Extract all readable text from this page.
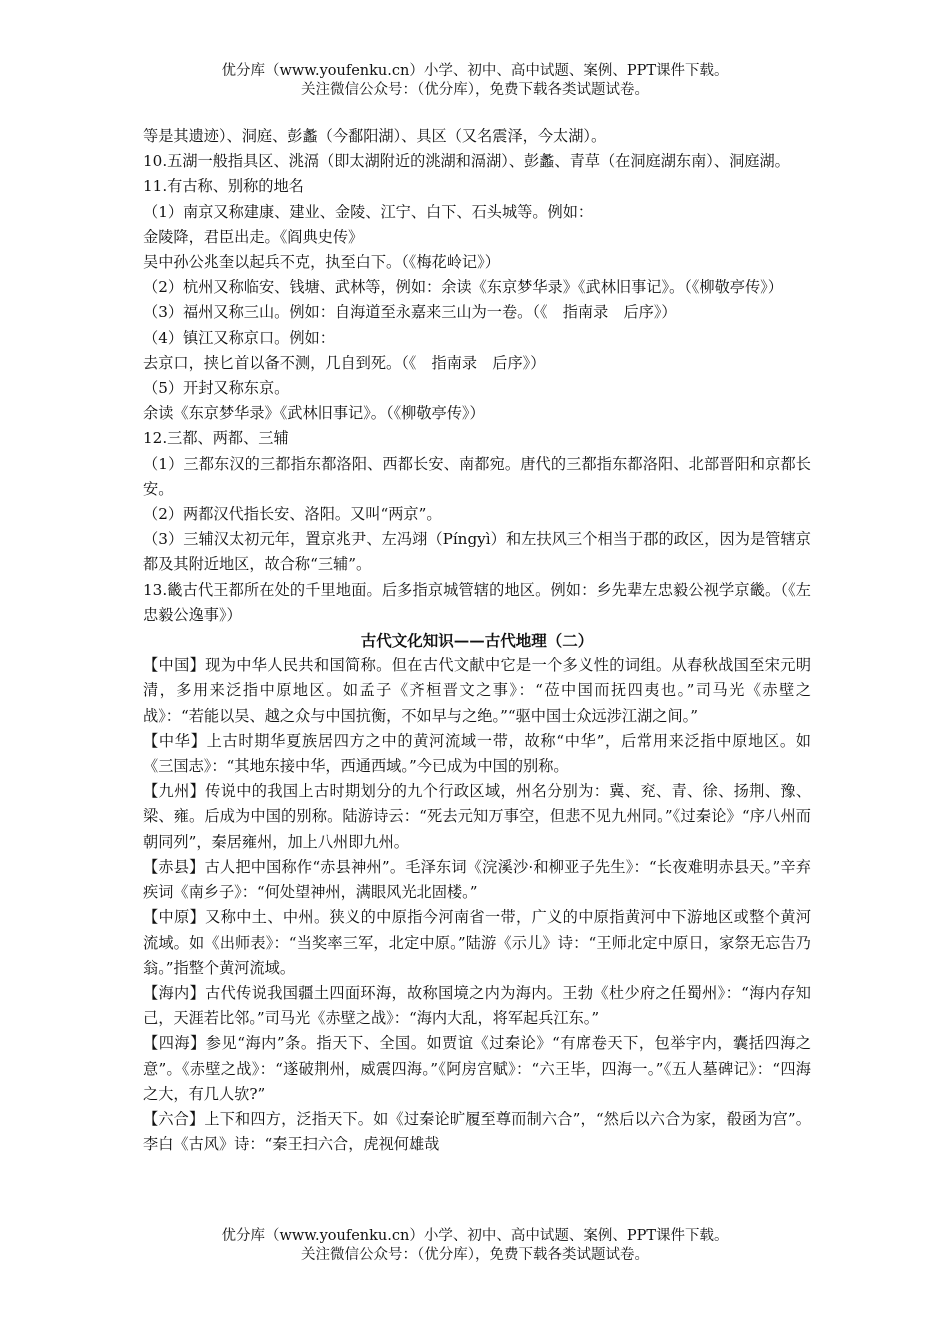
优分库（www.youfenku.cn）小学、初中、高中试题、案例、PPT课件下载。
关注微信公众号：（优分库），免费下载各类试题试卷。

等是其遗迹）、洞庭、彭蠡（今鄱阳湖）、具区（又名震泽，今太湖）。

10.五湖一般指具区、洮滆（即太湖附近的洮湖和滆湖）、彭蠡、青草（在洞庭湖东南）、洞庭湖。

11.有古称、别称的地名

（1）南京又称建康、建业、金陵、江宁、白下、石头城等。例如：

金陵降，君臣出走。《阎典史传》

吴中孙公兆奎以起兵不克，执至白下。（《梅花岭记》）

（2）杭州又称临安、钱塘、武林等，例如：余读《东京梦华录》《武林旧事记》。（《柳敬亭传》）

（3）福州又称三山。例如：自海道至永嘉来三山为一卷。（《　指南录　后序》）

（4）镇江又称京口。例如：

去京口，挟匕首以备不测，几自到死。（《　指南录　后序》）

（5）开封又称东京。

余读《东京梦华录》《武林旧事记》。（《柳敬亭传》）

12.三都、两都、三辅

（1）三都东汉的三都指东都洛阳、西都长安、南都宛。唐代的三都指东都洛阳、北部晋阳和京都长安。

（2）两都汉代指长安、洛阳。又叫“两京”。

（3）三辅汉太初元年，置京兆尹、左冯翊（Píngyì）和左扶风三个相当于郡的政区，因为是管辖京都及其附近地区，故合称“三辅”。

13.畿古代王都所在处的千里地面。后多指京城管辖的地区。例如：乡先辈左忠毅公视学京畿。（《左忠毅公逸事》）

古代文化知识——古代地理（二）

【中国】现为中华人民共和国简称。但在古代文献中它是一个多义性的词组。从春秋战国至宋元明清，多用来泛指中原地区。如孟子《齐桓晋文之事》：“莅中国而抚四夷也。”司马光《赤壁之战》：“若能以吴、越之众与中国抗衡，不如早与之绝。”“驱中国士众远涉江湖之间。”

【中华】上古时期华夏族居四方之中的黄河流域一带，故称“中华”，后常用来泛指中原地区。如《三国志》：“其地东接中华，西通西域。”今已成为中国的别称。

【九州】传说中的我国上古时期划分的九个行政区域，州名分别为：冀、兖、青、徐、扬荆、豫、梁、雍。后成为中国的别称。陆游诗云：“死去元知万事空，但悲不见九州同。”《过秦论》“序八州而朝同列”，秦居雍州，加上八州即九州。

【赤县】古人把中国称作“赤县神州”。毛泽东词《浣溪沙·和柳亚子先生》：“长夜难明赤县天。”辛弃疾词《南乡子》：“何处望神州，满眼风光北固楼。”

【中原】又称中土、中州。狭义的中原指今河南省一带，广义的中原指黄河中下游地区或整个黄河流域。如《出师表》：“当奖率三军，北定中原。”陆游《示儿》诗：“王师北定中原日，家祭无忘告乃翁。”指整个黄河流域。

【海内】古代传说我国疆土四面环海，故称国境之内为海内。王勃《杜少府之任蜀州》：“海内存知己，天涯若比邻。”司马光《赤壁之战》：“海内大乱，将军起兵江东。”

【四海】参见“海内”条。指天下、全国。如贾谊《过秦论》“有席卷天下，包举宇内，囊括四海之意”。《赤壁之战》：“遂破荆州，威震四海。”《阿房宫赋》：“六王毕，四海一。”《五人墓碑记》：“四海之大，有几人欤?”

【六合】上下和四方，泛指天下。如《过秦论旷履至尊而制六合”，“然后以六合为家，殽函为宫”。李白《古风》诗：“秦王扫六合，虎视何雄哉

优分库（www.youfenku.cn）小学、初中、高中试题、案例、PPT课件下载。
关注微信公众号：（优分库），免费下载各类试题试卷。
